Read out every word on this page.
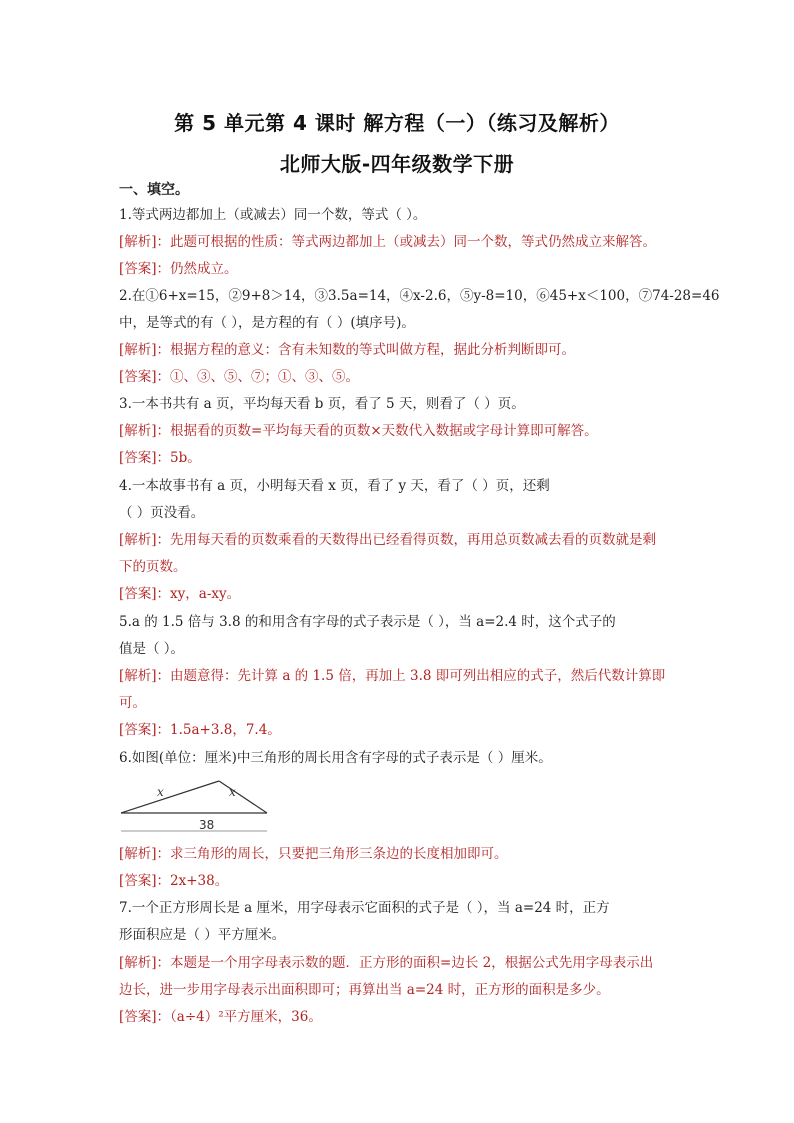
第 5 单元第 4 课时 解方程（一）（练习及解析）
北师大版-四年级数学下册
一、填空。
1.等式两边都加上（或减去）同一个数，等式（ ）。
[解析]：此题可根据的性质：等式两边都加上（或减去）同一个数，等式仍然成立来解答。
[答案]：仍然成立。
2.在①6+x=15，②9+8＞14，③3.5a=14，④x-2.6，⑤y-8=10，⑥45+x＜100，⑦74-28=46
中，是等式的有（ ），是方程的有（ ）(填序号)。
[解析]：根据方程的意义：含有未知数的等式叫做方程，据此分析判断即可。
[答案]：①、③、⑤、⑦；①、③、⑤。
3.一本书共有 a 页，平均每天看 b 页，看了 5 天，则看了（ ）页。
[解析]：根据看的页数=平均每天看的页数×天数代入数据或字母计算即可解答。
[答案]：5b。
4.一本故事书有 a 页，小明每天看 x 页，看了 y 天，看了（ ）页，还剩
（ ）页没看。
[解析]：先用每天看的页数乘看的天数得出已经看得页数，再用总页数减去看的页数就是剩
下的页数。
[答案]：xy，a-xy。
5.a 的 1.5 倍与 3.8 的和用含有字母的式子表示是（ ），当 a=2.4 时，这个式子的
值是（ ）。
[解析]：由题意得：先计算 a 的 1.5 倍，再加上 3.8 即可列出相应的式子，然后代数计算即
可。
[答案]：1.5a+3.8，7.4。
6.如图(单位：厘米)中三角形的周长用含有字母的式子表示是（ ）厘米。
x	x
38
[解析]：求三角形的周长，只要把三角形三条边的长度相加即可。
[答案]：2x+38。
7.一个正方形周长是 a 厘米，用字母表示它面积的式子是（ ），当 a=24 时，正方
形面积应是（ ）平方厘米。
[解析]：本题是一个用字母表示数的题．正方形的面积=边长 2，根据公式先用字母表示出
边长，进一步用字母表示出面积即可；再算出当 a=24 时，正方形的面积是多少。
[答案]：（a÷4）²平方厘米，36。
